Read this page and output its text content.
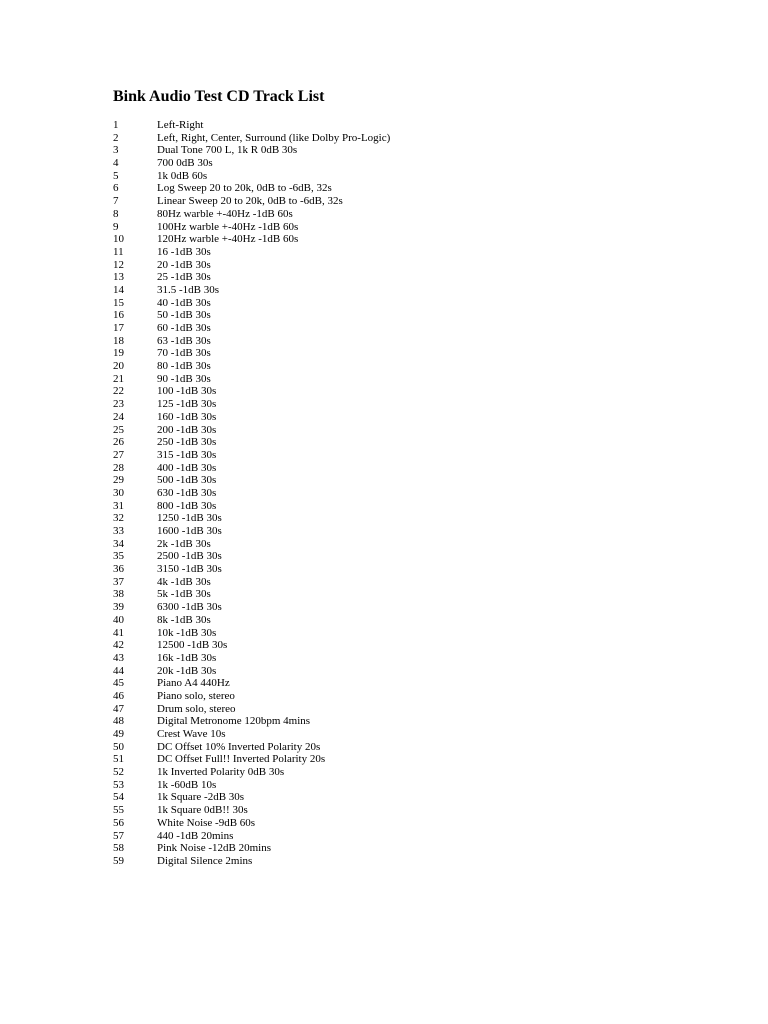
Bink Audio Test CD Track List
1	Left-Right
2	Left, Right, Center, Surround (like Dolby Pro-Logic)
3	Dual Tone 700 L, 1k R 0dB 30s
4	700 0dB 30s
5	1k 0dB 60s
6	Log Sweep 20 to 20k, 0dB to -6dB, 32s
7	Linear Sweep 20 to 20k, 0dB to -6dB, 32s
8	80Hz warble +-40Hz -1dB 60s
9	100Hz warble +-40Hz -1dB 60s
10	120Hz warble +-40Hz -1dB 60s
11	16 -1dB 30s
12	20 -1dB 30s
13	25 -1dB 30s
14	31.5 -1dB 30s
15	40 -1dB 30s
16	50 -1dB 30s
17	60 -1dB 30s
18	63 -1dB 30s
19	70 -1dB 30s
20	80 -1dB 30s
21	90 -1dB 30s
22	100 -1dB 30s
23	125 -1dB 30s
24	160 -1dB 30s
25	200 -1dB 30s
26	250 -1dB 30s
27	315 -1dB 30s
28	400 -1dB 30s
29	500 -1dB 30s
30	630 -1dB 30s
31	800 -1dB 30s
32	1250 -1dB 30s
33	1600 -1dB 30s
34	2k -1dB 30s
35	2500 -1dB 30s
36	3150 -1dB 30s
37	4k -1dB 30s
38	5k -1dB 30s
39	6300 -1dB 30s
40	8k -1dB 30s
41	10k -1dB 30s
42	12500 -1dB 30s
43	16k -1dB 30s
44	20k -1dB 30s
45	Piano A4 440Hz
46	Piano solo, stereo
47	Drum solo, stereo
48	Digital Metronome 120bpm 4mins
49	Crest Wave 10s
50	DC Offset 10% Inverted Polarity 20s
51	DC Offset Full!! Inverted Polarity 20s
52	1k Inverted Polarity 0dB 30s
53	1k -60dB 10s
54	1k Square -2dB 30s
55	1k Square 0dB!! 30s
56	White Noise -9dB 60s
57	440 -1dB 20mins
58	Pink Noise -12dB 20mins
59	Digital Silence 2mins
